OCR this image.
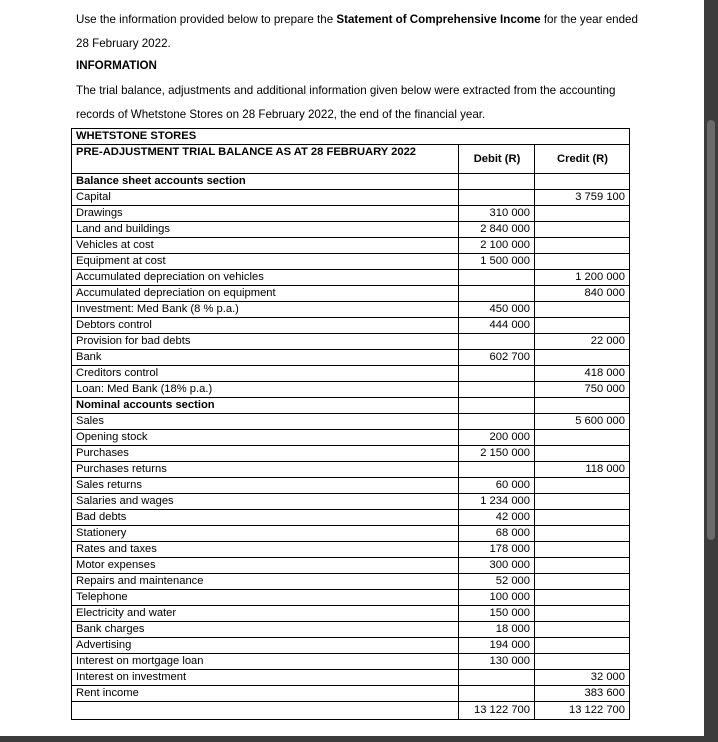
Use the information provided below to prepare the Statement of Comprehensive Income for the year ended
28 February 2022.
INFORMATION
The trial balance, adjustments and additional information given below were extracted from the accounting
records of Whetstone Stores on 28 February 2022, the end of the financial year.
WHETSTONE STORES		
PRE-ADJUSTMENT TRIAL BALANCE AS AT 28 FEBRUARY 2022	Debit (R)	Credit (R)
Balance sheet accounts section		
Capital		3 759 100
Drawings	310 000	
Land and buildings	2 840 000	
Vehicles at cost	2 100 000	
Equipment at cost	1 500 000	
Accumulated depreciation on vehicles		1 200 000
Accumulated depreciation on equipment		840 000
Investment: Med Bank (8 % p.a.)	450 000	
Debtors control	444 000	
Provision for bad debts		22 000
Bank	602 700	
Creditors control		418 000
Loan: Med Bank (18% p.a.)		750 000
Nominal accounts section		
Sales		5 600 000
Opening stock	200 000	
Purchases	2 150 000	
Purchases returns		118 000
Sales returns	60 000	
Salaries and wages	1 234 000	
Bad debts	42 000	
Stationery	68 000	
Rates and taxes	178 000	
Motor expenses	300 000	
Repairs and maintenance	52 000	
Telephone	100 000	
Electricity and water	150 000	
Bank charges	18 000	
Advertising	194 000	
Interest on mortgage loan	130 000	
Interest on investment		32 000
Rent income		383 600
	13 122 700	13 122 700
